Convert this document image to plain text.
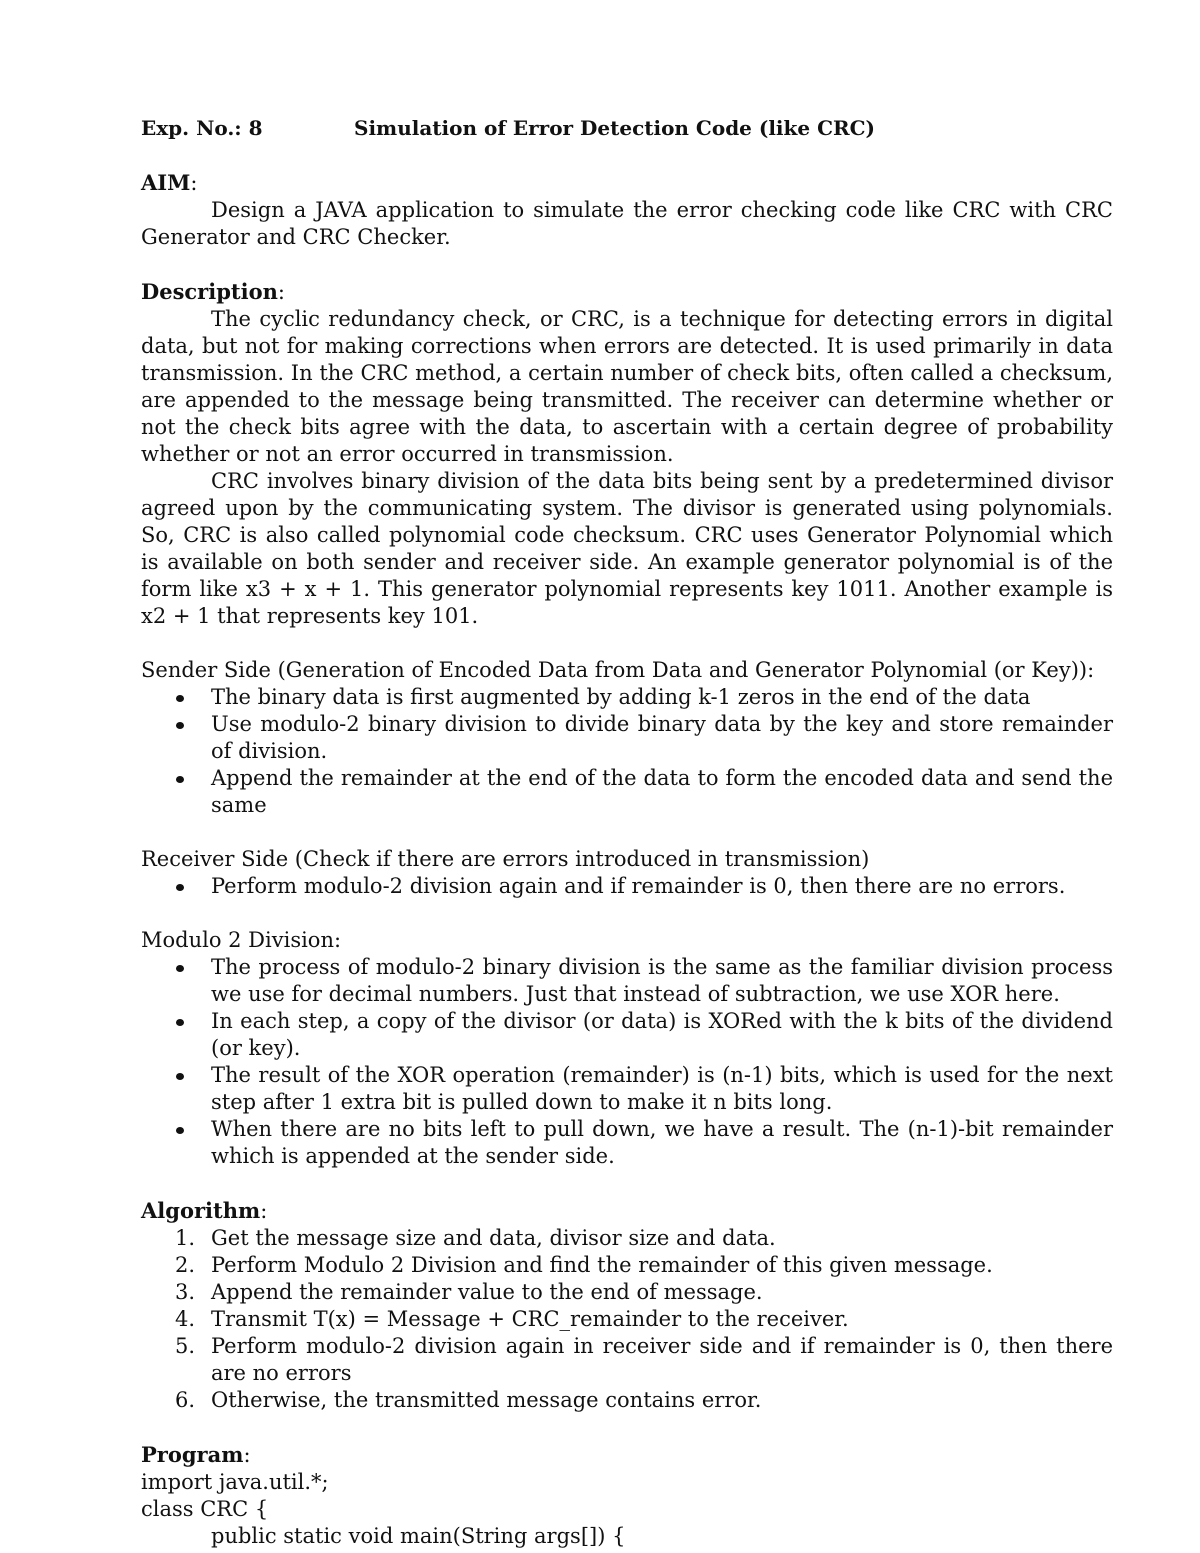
Exp. No.: 8	Simulation of Error Detection Code (like CRC)
AIM:
Design a JAVA application to simulate the error checking code like CRC with CRC Generator and CRC Checker.
Description:
The cyclic redundancy check, or CRC, is a technique for detecting errors in digital data, but not for making corrections when errors are detected. It is used primarily in data transmission. In the CRC method, a certain number of check bits, often called a checksum, are appended to the message being transmitted. The receiver can determine whether or not the check bits agree with the data, to ascertain with a certain degree of probability whether or not an error occurred in transmission.
CRC involves binary division of the data bits being sent by a predetermined divisor agreed upon by the communicating system. The divisor is generated using polynomials. So, CRC is also called polynomial code checksum. CRC uses Generator Polynomial which is available on both sender and receiver side. An example generator polynomial is of the form like x3 + x + 1. This generator polynomial represents key 1011. Another example is x2 + 1 that represents key 101.
Sender Side (Generation of Encoded Data from Data and Generator Polynomial (or Key)):
The binary data is first augmented by adding k-1 zeros in the end of the data
Use modulo-2 binary division to divide binary data by the key and store remainder of division.
Append the remainder at the end of the data to form the encoded data and send the same
Receiver Side (Check if there are errors introduced in transmission)
Perform modulo-2 division again and if remainder is 0, then there are no errors.
Modulo 2 Division:
The process of modulo-2 binary division is the same as the familiar division process we use for decimal numbers. Just that instead of subtraction, we use XOR here.
In each step, a copy of the divisor (or data) is XORed with the k bits of the dividend (or key).
The result of the XOR operation (remainder) is (n-1) bits, which is used for the next step after 1 extra bit is pulled down to make it n bits long.
When there are no bits left to pull down, we have a result. The (n-1)-bit remainder which is appended at the sender side.
Algorithm:
1. Get the message size and data, divisor size and data.
2. Perform Modulo 2 Division and find the remainder of this given message.
3. Append the remainder value to the end of message.
4. Transmit T(x) = Message + CRC_remainder to the receiver.
5. Perform modulo-2 division again in receiver side and if remainder is 0, then there are no errors
6. Otherwise, the transmitted message contains error.
Program:
import java.util.*;
class CRC {
public static void main(String args[]) {
